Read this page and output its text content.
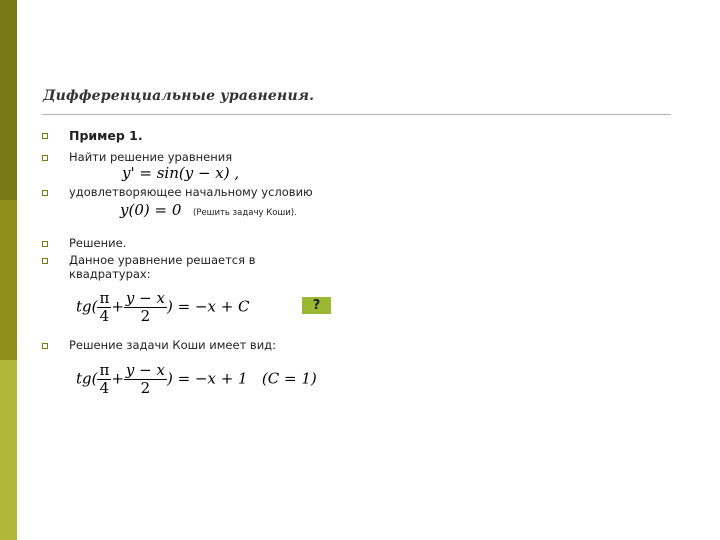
Дифференциальные уравнения.
Пример 1.
Найти решение уравнения
y' = sin(y − x) ,
удовлетворяющее начальному условию
y(0) = 0 (Решить задачу Коши).
Решение.
Данное уравнение решается в
квадратурах:
$tg( \frac{\pi}{4} + \frac{y - x}{2}$ ) = −x + C	?
Решение задачи Коши имеет вид:
$tg( \frac{\pi}{4} + \frac{y - x}{2}$ ) = −x + 1 (C = 1)
